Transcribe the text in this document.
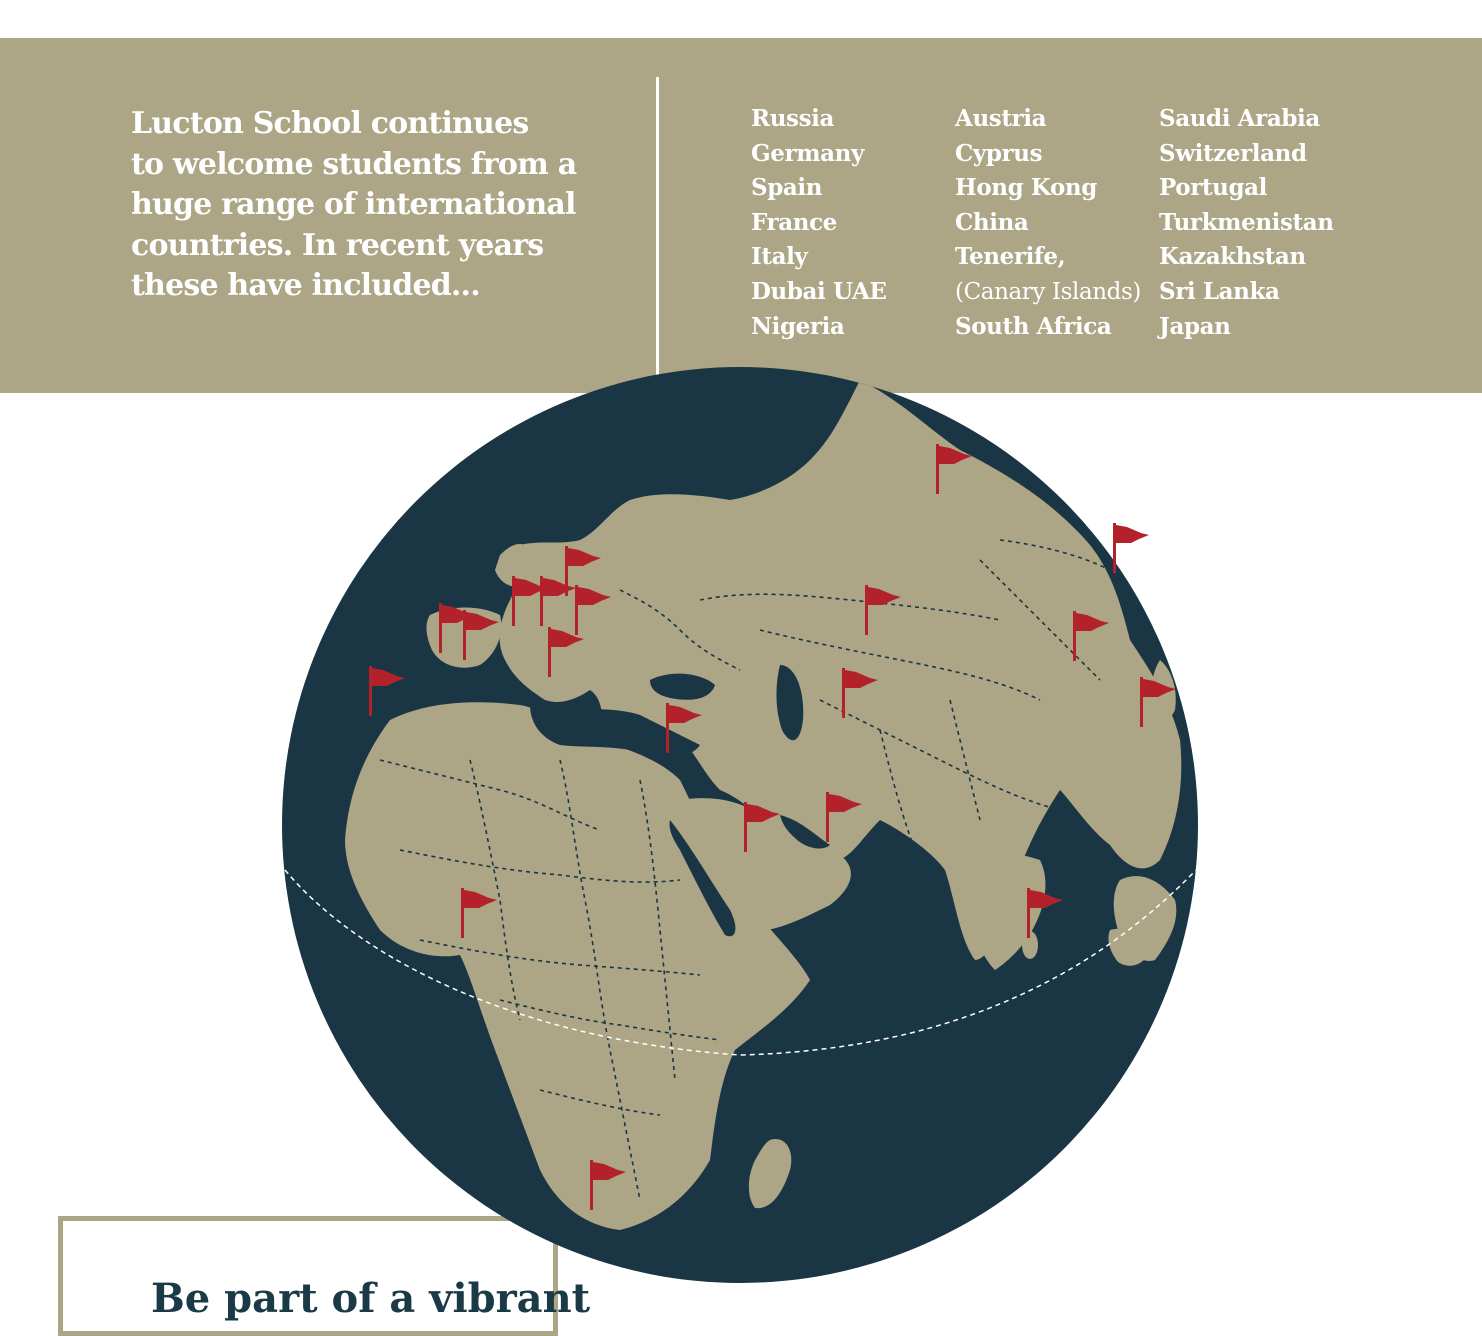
Lucton School continues
to welcome students from a
huge range of international
countries. In recent years
these have included...
Russia
Germany
Spain
France
Italy
Dubai UAE
Nigeria
Austria
Cyprus
Hong Kong
China
Tenerife,
(Canary Islands)
South Africa
Saudi Arabia
Switzerland
Portugal
Turkmenistan
Kazakhstan
Sri Lanka
Japan
Be part of a vibrant
